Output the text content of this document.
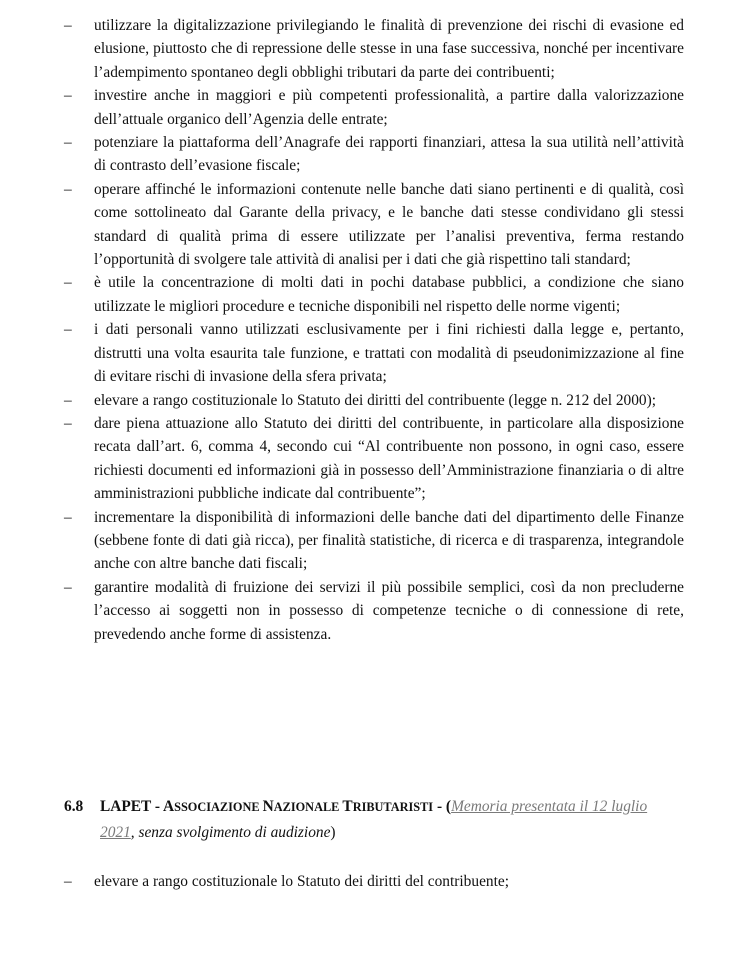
–	utilizzare la digitalizzazione privilegiando le finalità di prevenzione dei rischi di evasione ed elusione, piuttosto che di repressione delle stesse in una fase successiva, nonché per incentivare l’adempimento spontaneo degli obblighi tributari da parte dei contribuenti;
–	investire anche in maggiori e più competenti professionalità, a partire dalla valorizzazione dell’attuale organico dell’Agenzia delle entrate;
–	potenziare la piattaforma dell’Anagrafe dei rapporti finanziari, attesa la sua utilità nell’attività di contrasto dell’evasione fiscale;
–	operare affinché le informazioni contenute nelle banche dati siano pertinenti e di qualità, così come sottolineato dal Garante della privacy, e le banche dati stesse condividano gli stessi standard di qualità prima di essere utilizzate per l’analisi preventiva, ferma restando l’opportunità di svolgere tale attività di analisi per i dati che già rispettino tali standard;
–	è utile la concentrazione di molti dati in pochi database pubblici, a condizione che siano utilizzate le migliori procedure e tecniche disponibili nel rispetto delle norme vigenti;
–	i dati personali vanno utilizzati esclusivamente per i fini richiesti dalla legge e, pertanto, distrutti una volta esaurita tale funzione, e trattati con modalità di pseudonimizzazione al fine di evitare rischi di invasione della sfera privata;
–	elevare a rango costituzionale lo Statuto dei diritti del contribuente (legge n. 212 del 2000);
–	dare piena attuazione allo Statuto dei diritti del contribuente, in particolare alla disposizione recata dall’art. 6, comma 4, secondo cui “Al contribuente non possono, in ogni caso, essere richiesti documenti ed informazioni già in possesso dell’Amministrazione finanziaria o di altre amministrazioni pubbliche indicate dal contribuente”;
–	incrementare la disponibilità di informazioni delle banche dati del dipartimento delle Finanze (sebbene fonte di dati già ricca), per finalità statistiche, di ricerca e di trasparenza, integrandole anche con altre banche dati fiscali;
–	garantire modalità di fruizione dei servizi il più possibile semplici, così da non precluderne l’accesso ai soggetti non in possesso di competenze tecniche o di connessione di rete, prevedendo anche forme di assistenza.
6.8 LAPET - ASSOCIAZIONE NAZIONALE TRIBUTARISTI - (Memoria presentata il 12 luglio
2021, senza svolgimento di audizione)
–	elevare a rango costituzionale lo Statuto dei diritti del contribuente;
